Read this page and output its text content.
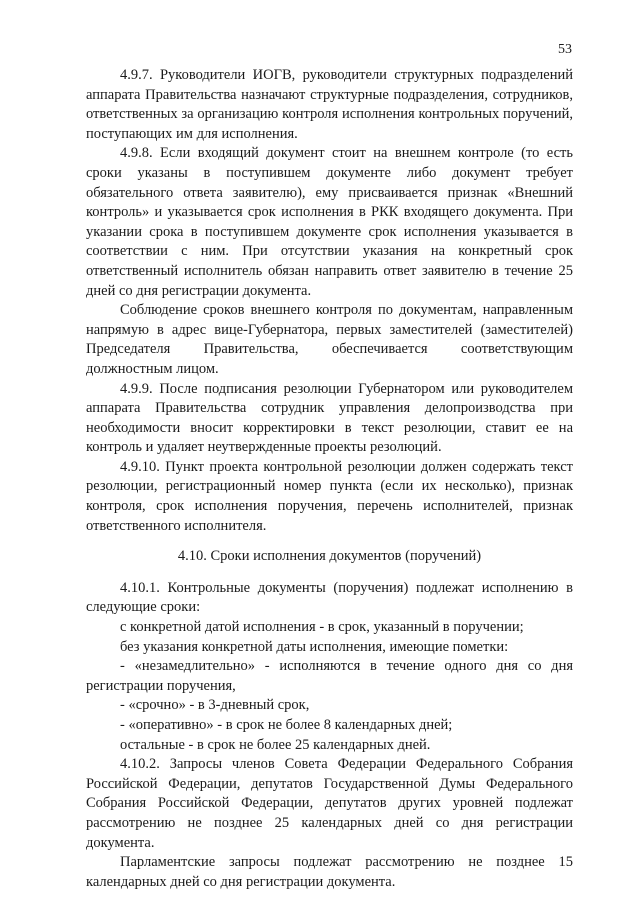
53

4.9.7. Руководители ИОГВ, руководители структурных подразделений аппарата Правительства назначают структурные подразделения, сотрудников, ответственных за организацию контроля исполнения контрольных поручений, поступающих им для исполнения.

4.9.8. Если входящий документ стоит на внешнем контроле (то есть сроки указаны в поступившем документе либо документ требует обязательного ответа заявителю), ему присваивается признак «Внешний контроль» и указывается срок исполнения в РКК входящего документа. При указании срока в поступившем документе срок исполнения указывается в соответствии с ним. При отсутствии указания на конкретный срок ответственный исполнитель обязан направить ответ заявителю в течение 25 дней со дня регистрации документа.

Соблюдение сроков внешнего контроля по документам, направленным напрямую в адрес вице-Губернатора, первых заместителей (заместителей) Председателя Правительства, обеспечивается соответствующим должностным лицом.

4.9.9. После подписания резолюции Губернатором или руководителем аппарата Правительства сотрудник управления делопроизводства при необходимости вносит корректировки в текст резолюции, ставит ее на контроль и удаляет неутвержденные проекты резолюций.

4.9.10. Пункт проекта контрольной резолюции должен содержать текст резолюции, регистрационный номер пункта (если их несколько), признак контроля, срок исполнения поручения, перечень исполнителей, признак ответственного исполнителя.

4.10. Сроки исполнения документов (поручений)

4.10.1. Контрольные документы (поручения) подлежат исполнению в следующие сроки:

с конкретной датой исполнения - в срок, указанный в поручении;

без указания конкретной даты исполнения, имеющие пометки:

- «незамедлительно» - исполняются в течение одного дня со дня регистрации поручения,

- «срочно» - в 3-дневный срок,

- «оперативно» - в срок не более 8 календарных дней;

остальные - в срок не более 25 календарных дней.

4.10.2. Запросы членов Совета Федерации Федерального Собрания Российской Федерации, депутатов Государственной Думы Федерального Собрания Российской Федерации, депутатов других уровней подлежат рассмотрению не позднее 25 календарных дней со дня регистрации документа.

Парламентские запросы подлежат рассмотрению не позднее 15 календарных дней со дня регистрации документа.
